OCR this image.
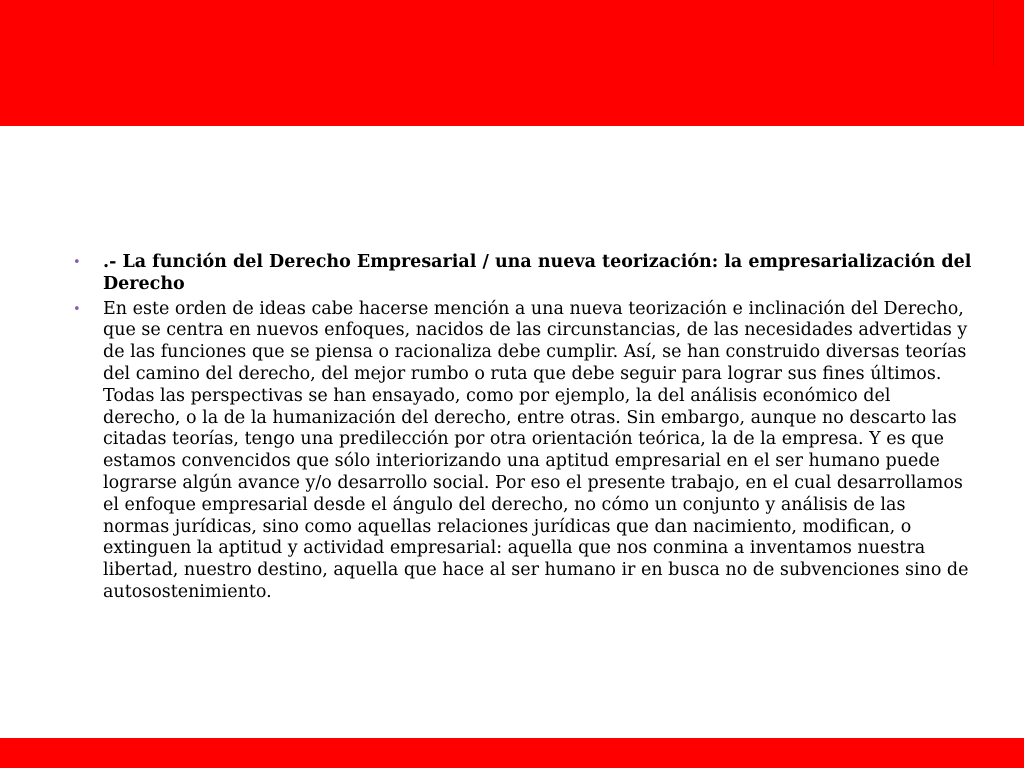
• .- La función del Derecho Empresarial / una nueva teorización: la empresarialización del Derecho
• En este orden de ideas cabe hacerse mención a una nueva teorización e inclinación del Derecho, que se centra en nuevos enfoques, nacidos de las circunstancias, de las necesidades advertidas y de las funciones que se piensa o racionaliza debe cumplir. Así, se han construido diversas teorías del camino del derecho, del mejor rumbo o ruta que debe seguir para lograr sus fines últimos. Todas las perspectivas se han ensayado, como por ejemplo, la del análisis económico del derecho, o la de la humanización del derecho, entre otras. Sin embargo, aunque no descarto las citadas teorías, tengo una predilección por otra orientación teórica, la de la empresa. Y es que estamos convencidos que sólo interiorizando una aptitud empresarial en el ser humano puede lograrse algún avance y/o desarrollo social. Por eso el presente trabajo, en el cual desarrollamos el enfoque empresarial desde el ángulo del derecho, no cómo un conjunto y análisis de las normas jurídicas, sino como aquellas relaciones jurídicas que dan nacimiento, modifican, o extinguen la aptitud y actividad empresarial: aquella que nos conmina a inventamos nuestra libertad, nuestro destino, aquella que hace al ser humano ir en busca no de subvenciones sino de autosostenimiento.
